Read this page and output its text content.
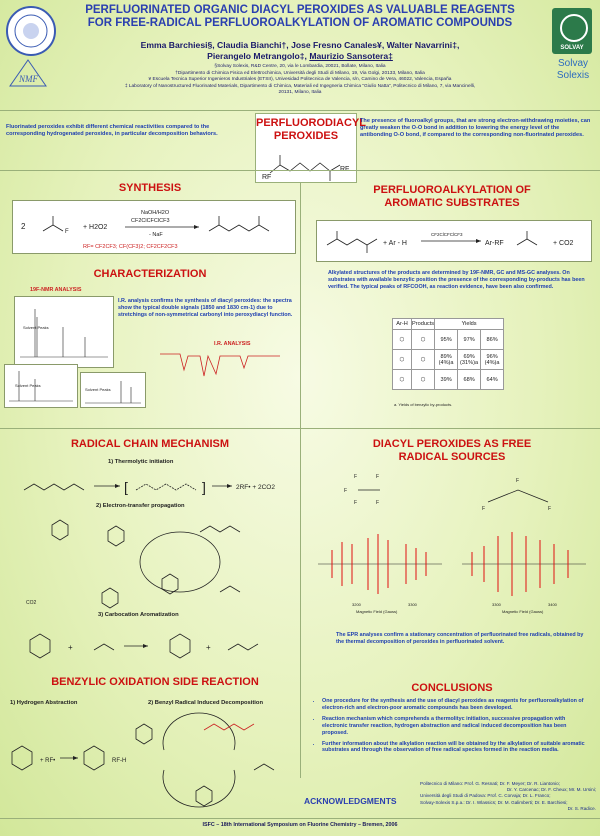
NMF
PERFLUORINATED ORGANIC DIACYL PEROXIDES AS VALUABLE REAGENTS
FOR FREE-RADICAL PERFLUOROALKYLATION OF AROMATIC COMPOUNDS
Emma Barchiesi§, Claudia Bianchi†, Jose Fresno Canales¥, Walter Navarrini‡,
Pierangelo Metrangolo‡, Maurizio Sansotera‡
§Solvay Solexis, R&D Centre, 20, via le Lombardia, 20021, Bollate, Milano, Italia
†Dipartimento di Chimica Fisica ed Elettrochimica, Università degli Studi di Milano, 19, Via Golgi, 20133, Milano, Italia
¥ Escuela Tecnica Superior Ingenieros Industriales (ETSII), Univesidad Politecnica de Valencia, s/n, Camino de Vera, 46022, Valencia, España
‡ Laboratory of Nanostructured Fluorinated Materials, Dipartimento di Chimica, Materiali ed Ingegneria Chimica “Giulio Natta”, Politecnico di Milano, 7, via Mancinelli,
20131, Milano, Italia
SOLVAY
Solvay
Solexis
Fluorinated peroxides exhibit different chemical reactivities compared to the corresponding hydrogenated peroxides, in particular decomposition behaviors.
PERFLUORODIACYL
PEROXIDES
RF
The presence of fluoroalkyl groups, that are strong electron-withdrawing moieties, can greatly weaken the O-O bond in addition to lowering the energy level of the antibonding O-O bond, if compared to the corresponding non-fluorinated peroxides.
SYNTHESIS
2
F
+ H2O2
NaOH/H2O
CF2ClCFClCF3
- NaF
RF= CF2CF3; CF(CF3)2; CF2CF2CF3
CHARACTERIZATION
19F-NMR ANALYSIS
Solvent Peaks
Solvent Peaks
Solvent Peaks
I.R. analysis confirms the synthesis of diacyl peroxides: the spectra show the typical double signals (1850 and 1830 cm-1) due to stretchings of non-symmetrical carbonyl into peroxydiacyl function.
I.R. ANALYSIS
PERFLUOROALKYLATION OF
AROMATIC SUBSTRATES
+ Ar - H
CF2ClCFClCF3
Ar-RF	+ CO2
Alkylated structures of the products are determined by 19F-NMR, GC and MS-GC analyses. On substrates with available benzylic position the presence of the corresponding by-products has been verified. The typical peaks of RFCOOH, as reaction evidence, have been also confirmed.
Ar-H	Products	Yields		
⬡	⬡	95%	97%	86%
⬡	⬡	89% (4%)a	69% (31%)a	96% (4%)a
⬡	⬡	39%	68%	64%
a. Yields of benzylic by-products.
RADICAL CHAIN MECHANISM
1) Thermolytic initiation
[	]	2RF• + 2CO2
2) Electron-transfer propagation
CO2
3) Carbocation Aromatization
+	+
BENZYLIC OXIDATION SIDE REACTION
1) Hydrogen Abstraction	2) Benzyl Radical Induced Decomposition
+ RF•	RF-H
DIACYL PEROXIDES AS FREE
RADICAL SOURCES
F
F
F
F
F
F
F
F
3200	3300	3300	3400
Magnetic Field (Gauss)	Magnetic Field (Gauss)
The EPR analyses confirm a stationary concentration of perfluorinated free radicals, obtained by the thermal decomposition of peroxides in perfluorinated solvent.
CONCLUSIONS
• One procedure for the synthesis and the use of diacyl peroxides as reagents for perfluoroalkylation of electron-rich and electron-poor aromatic compounds has been developed.
• Reaction mechanism which comprehends a thermolityc initiation, successive propagation with electronic transfer reaction, hydrogen abstraction and radical induced decomposition has been proposed.
• Further information about the alkylation reaction will be obtained by the alkylation of suitable aromatic substrates and through the observation of free radical species formed in the reaction media.
ACKNOWLEDGMENTS
Politecnico di Milano: Prof. G. Resnati; Dr. F. Meyer; Dr. R. Liantonio;
Dr. Y. Carcenac; Dr. F. Cheux; Mr. M. Ursini;
Università degli Studi di Padova: Prof. C. Corvaja; Dr. L. Franco;
Solvay-Solexis S.p.a.: Dr. I. Wlassics; Dr. M. Galimberti; Dr. E. Barchiesi;
Dr. S. Radice.
ISFC – 18th International Symposium on Fluorine Chemistry – Bremen, 2006
